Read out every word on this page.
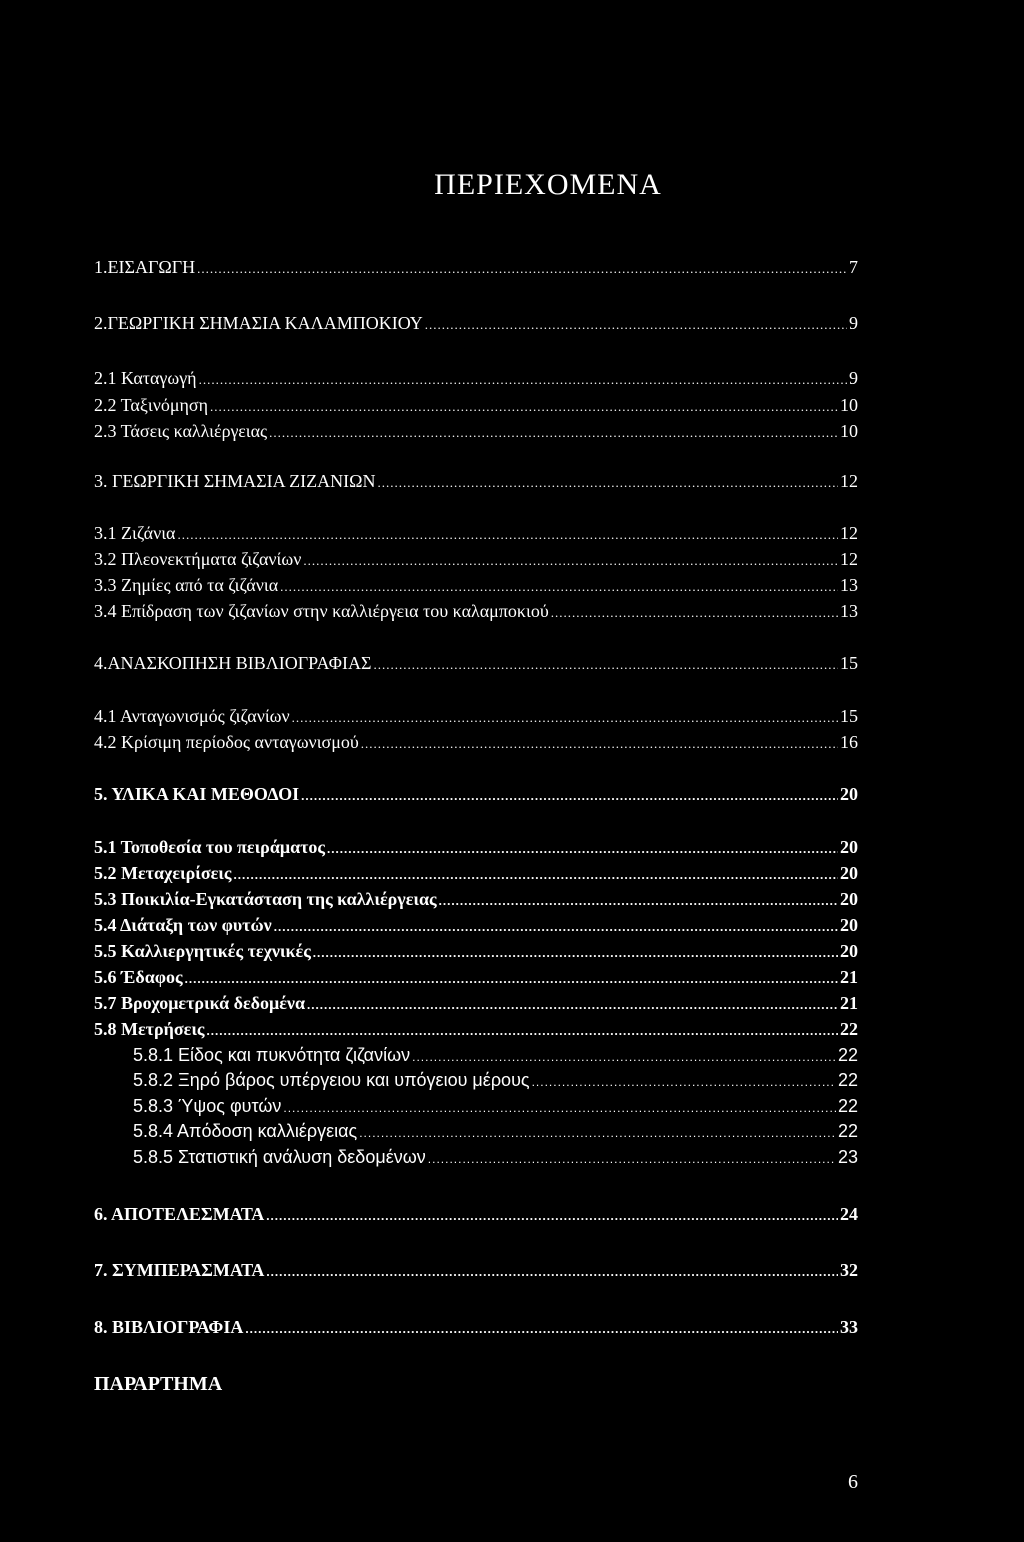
ΠΕΡΙΕΧΟΜΕΝΑ
1.ΕΙΣΑΓΩΓΗ .....	7
2.ΓΕΩΡΓΙΚΗ ΣΗΜΑΣΙΑ ΚΑΛΑΜΠΟΚΙΟΥ .....	9
2.1 Καταγωγή .....	9
2.2 Ταξινόμηση .....	10
2.3 Τάσεις καλλιέργειας .....	10
3. ΓΕΩΡΓΙΚΗ ΣΗΜΑΣΙΑ ΖΙΖΑΝΙΩΝ .....	12
3.1 Ζιζάνια .....	12
3.2 Πλεονεκτήματα ζιζανίων .....	12
3.3 Ζημίες από τα ζιζάνια .....	13
3.4 Επίδραση των ζιζανίων στην καλλιέργεια του καλαμποκιού .....	13
4.ΑΝΑΣΚΟΠΗΣΗ ΒΙΒΛΙΟΓΡΑΦΙΑΣ .....	15
4.1 Ανταγωνισμός ζιζανίων .....	15
4.2 Κρίσιμη περίοδος ανταγωνισμού .....	16
5. ΥΛΙΚΑ ΚΑΙ ΜΕΘΟΔΟΙ .....	20
5.1 Τοποθεσία του πειράματος .....	20
5.2 Μεταχειρίσεις .....	20
5.3 Ποικιλία-Εγκατάσταση της καλλιέργειας .....	20
5.4 Διάταξη των φυτών .....	20
5.5 Καλλιεργητικές τεχνικές .....	20
5.6 Έδαφος .....	21
5.7 Βροχομετρικά δεδομένα .....	21
5.8 Μετρήσεις .....	22
5.8.1 Είδος και πυκνότητα ζιζανίων .....	22
5.8.2 Ξηρό βάρος υπέργειου και υπόγειου μέρους .....	22
5.8.3 Ύψος φυτών .....	22
5.8.4 Απόδοση καλλιέργειας .....	22
5.8.5 Στατιστική ανάλυση δεδομένων .....	23
6. ΑΠΟΤΕΛΕΣΜΑΤΑ .....	24
7. ΣΥΜΠΕΡΑΣΜΑΤΑ .....	32
8. ΒΙΒΛΙΟΓΡΑΦΙΑ .....	33
ΠΑΡΑΡΤΗΜΑ
6
